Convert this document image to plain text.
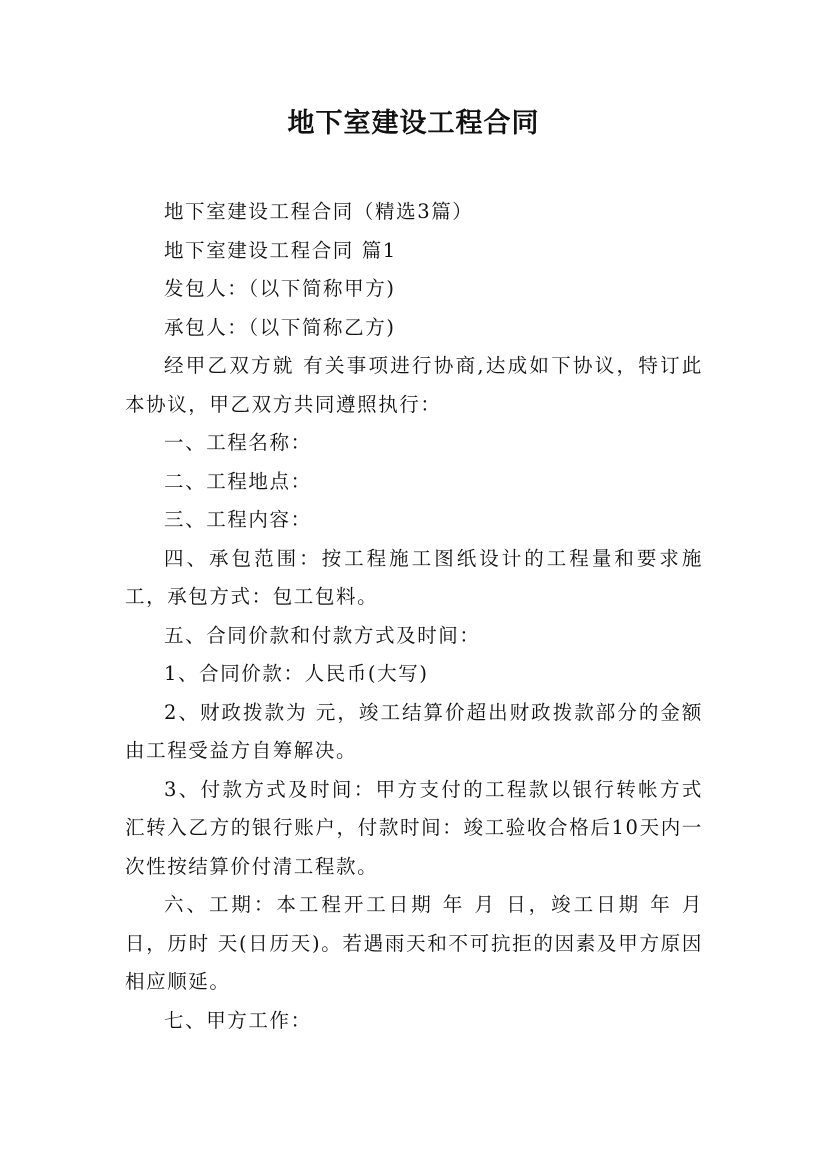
地下室建设工程合同

地下室建设工程合同（精选3篇）

地下室建设工程合同 篇1

发包人：（以下简称甲方)

承包人：（以下简称乙方)

经甲乙双方就 有关事项进行协商,达成如下协议，特订此本协议，甲乙双方共同遵照执行：

一、工程名称：

二、工程地点：

三、工程内容：

四、承包范围：按工程施工图纸设计的工程量和要求施工，承包方式：包工包料。

五、合同价款和付款方式及时间：

1、合同价款：人民币(大写)

2、财政拨款为 元，竣工结算价超出财政拨款部分的金额由工程受益方自筹解决。

3、付款方式及时间：甲方支付的工程款以银行转帐方式汇转入乙方的银行账户，付款时间：竣工验收合格后10天内一次性按结算价付清工程款。

六、工期：本工程开工日期 年 月 日，竣工日期 年 月 日，历时 天(日历天)。若遇雨天和不可抗拒的因素及甲方原因相应顺延。

七、甲方工作：
